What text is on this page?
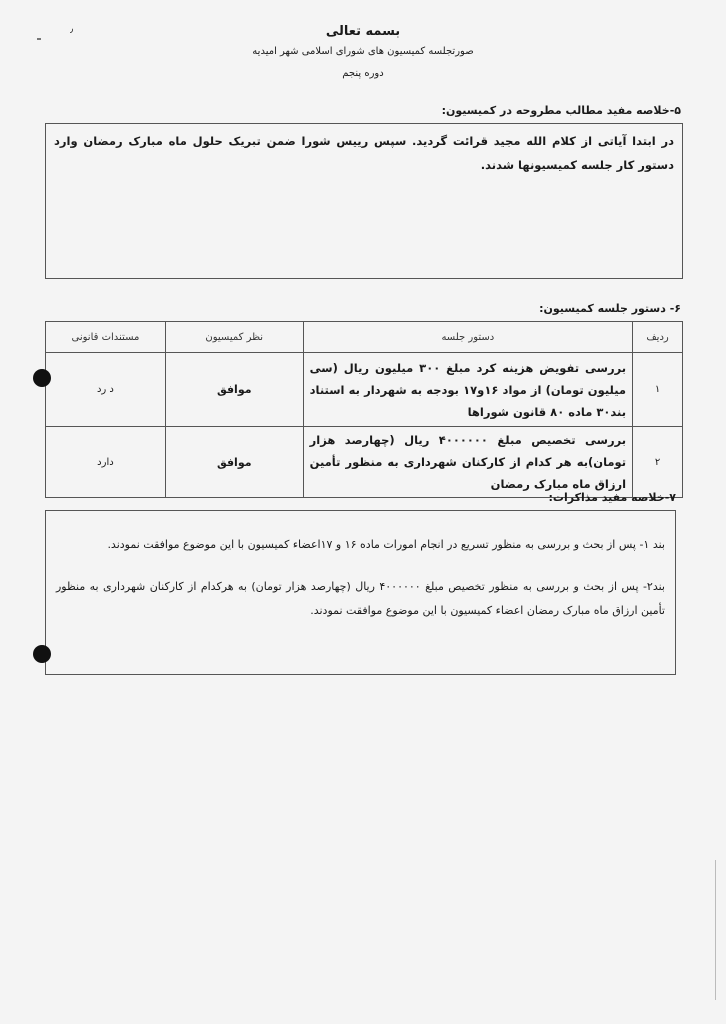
بسمه تعالی
صورتجلسه کمیسیون های شورای اسلامی شهر امیدیه
دوره پنجم
٫
۵-خلاصه مفید مطالب مطروحه در کمیسیون:

در ابتدا آیاتی از کلام الله مجید قرائت گردید. سپس رییس شورا ضمن تبریک حلول ماه مبارک رمضان وارد دستور کار جلسه کمیسیونها شدند.

۶- دستور جلسه کمیسیون:
ردیف	دستور جلسه	نظر کمیسیون	مستندات قانونی
۱	بررسی تفویض هزینه کرد مبلغ ۳۰۰ میلیون ریال (سی میلیون تومان) از مواد ۱۶و۱۷ بودجه به شهردار به استناد بند۳۰ ماده ۸۰ قانون شوراها	موافق	د رد
۲	بررسی تخصیص مبلغ ۴۰۰۰۰۰۰ ریال (چهارصد هزار تومان)به هر کدام از کارکنان شهرداری به منظور تأمین ارزاق ماه مبارک رمضان	موافق	دارد
۷-خلاصه مفید مذاکرات:

بند ۱- پس از بحث و بررسی به منظور تسریع در انجام امورات ماده ۱۶ و ۱۷اعضاء کمیسیون با این موضوع موافقت نمودند.

بند۲- پس از بحث و بررسی به منظور تخصیص مبلغ ۴۰۰۰۰۰۰ ریال (چهارصد هزار تومان) به هرکدام از کارکنان شهرداری به منظور تأمین ارزاق ماه مبارک رمضان اعضاء کمیسیون با این موضوع موافقت نمودند.
